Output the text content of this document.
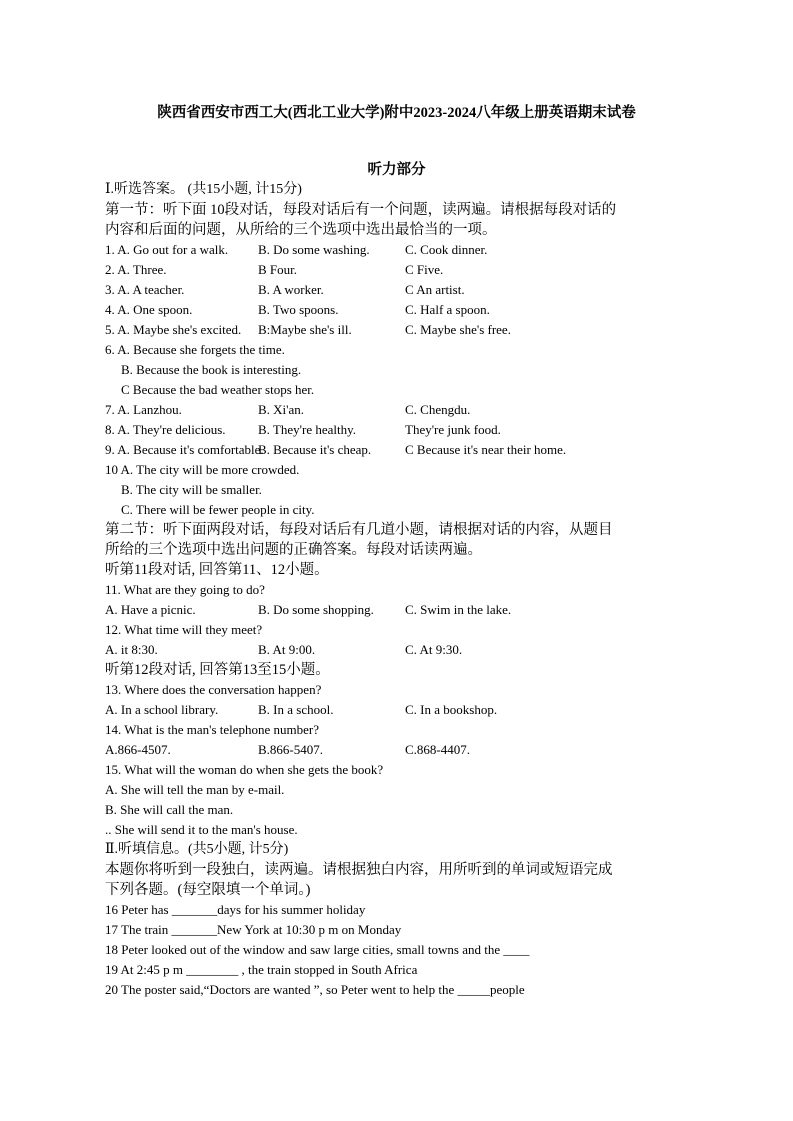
陕西省西安市西工大(西北工业大学)附中2023-2024八年级上册英语期末试卷
听力部分
Ⅰ.听选答案。 (共15小题, 计15分)
第一节：听下面 10段对话，每段对话后有一个问题，读两遍。请根据每段对话的
内容和后面的问题，从所给的三个选项中选出最恰当的一项。
1. A. Go out for a walk. B. Do some washing.	C. Cook dinner.
2. A. Three.	B Four.	C Five.
3. A. A teacher.	B. A worker.	C An artist.
4. A. One spoon.	B. Two spoons.	C. Half a spoon.
5. A. Maybe she's excited. B:Maybe she's ill.	C. Maybe she's free.
6. A. Because she forgets the time.
B. Because the book is interesting.
C Because the bad weather stops her.
7. A. Lanzhou.	B. Xi'an.	C. Chengdu.
8. A. They're delicious. B. They're healthy.	They're junk food.
9. A. Because it's comfortable.
B. Because it's cheap.	C Because it's near their home.
10 A. The city will be more crowded.
B. The city will be smaller.
C. There will be fewer people in city.
第二节：听下面两段对话，每段对话后有几道小题，请根据对话的内容，从题目
所给的三个选项中选出问题的正确答案。每段对话读两遍。
听第11段对话, 回答第11、12小题。
11. What are they going to do?
A. Have a picnic.	B. Do some shopping. C. Swim in the lake.
12. What time will they meet?
A. it 8:30.	B. At 9:00.	C. At 9:30.
听第12段对话, 回答第13至15小题。
13. Where does the conversation happen?
A. In a school library.	B. In a school.	C. In a bookshop.
14. What is the man's telephone number?
A.866-4507.	B.866-5407.	C.868-4407.
15. What will the woman do when she gets the book?
A. She will tell the man by e-mail.
B. She will call the man.
.. She will send it to the man's house.
Ⅱ.听填信息。(共5小题, 计5分)
本题你将听到一段独白，读两遍。请根据独白内容，用所听到的单词或短语完成
下列各题。(每空限填一个单词。)
16 Peter has _______days for his summer holiday
17 The train _______New York at 10:30 p m on Monday
18 Peter looked out of the window and saw large cities, small towns and the ____
19 At 2:45 p m ________ , the train stopped in South Africa
20 The poster said,“Doctors are wanted ”, so Peter went to help the _____people
